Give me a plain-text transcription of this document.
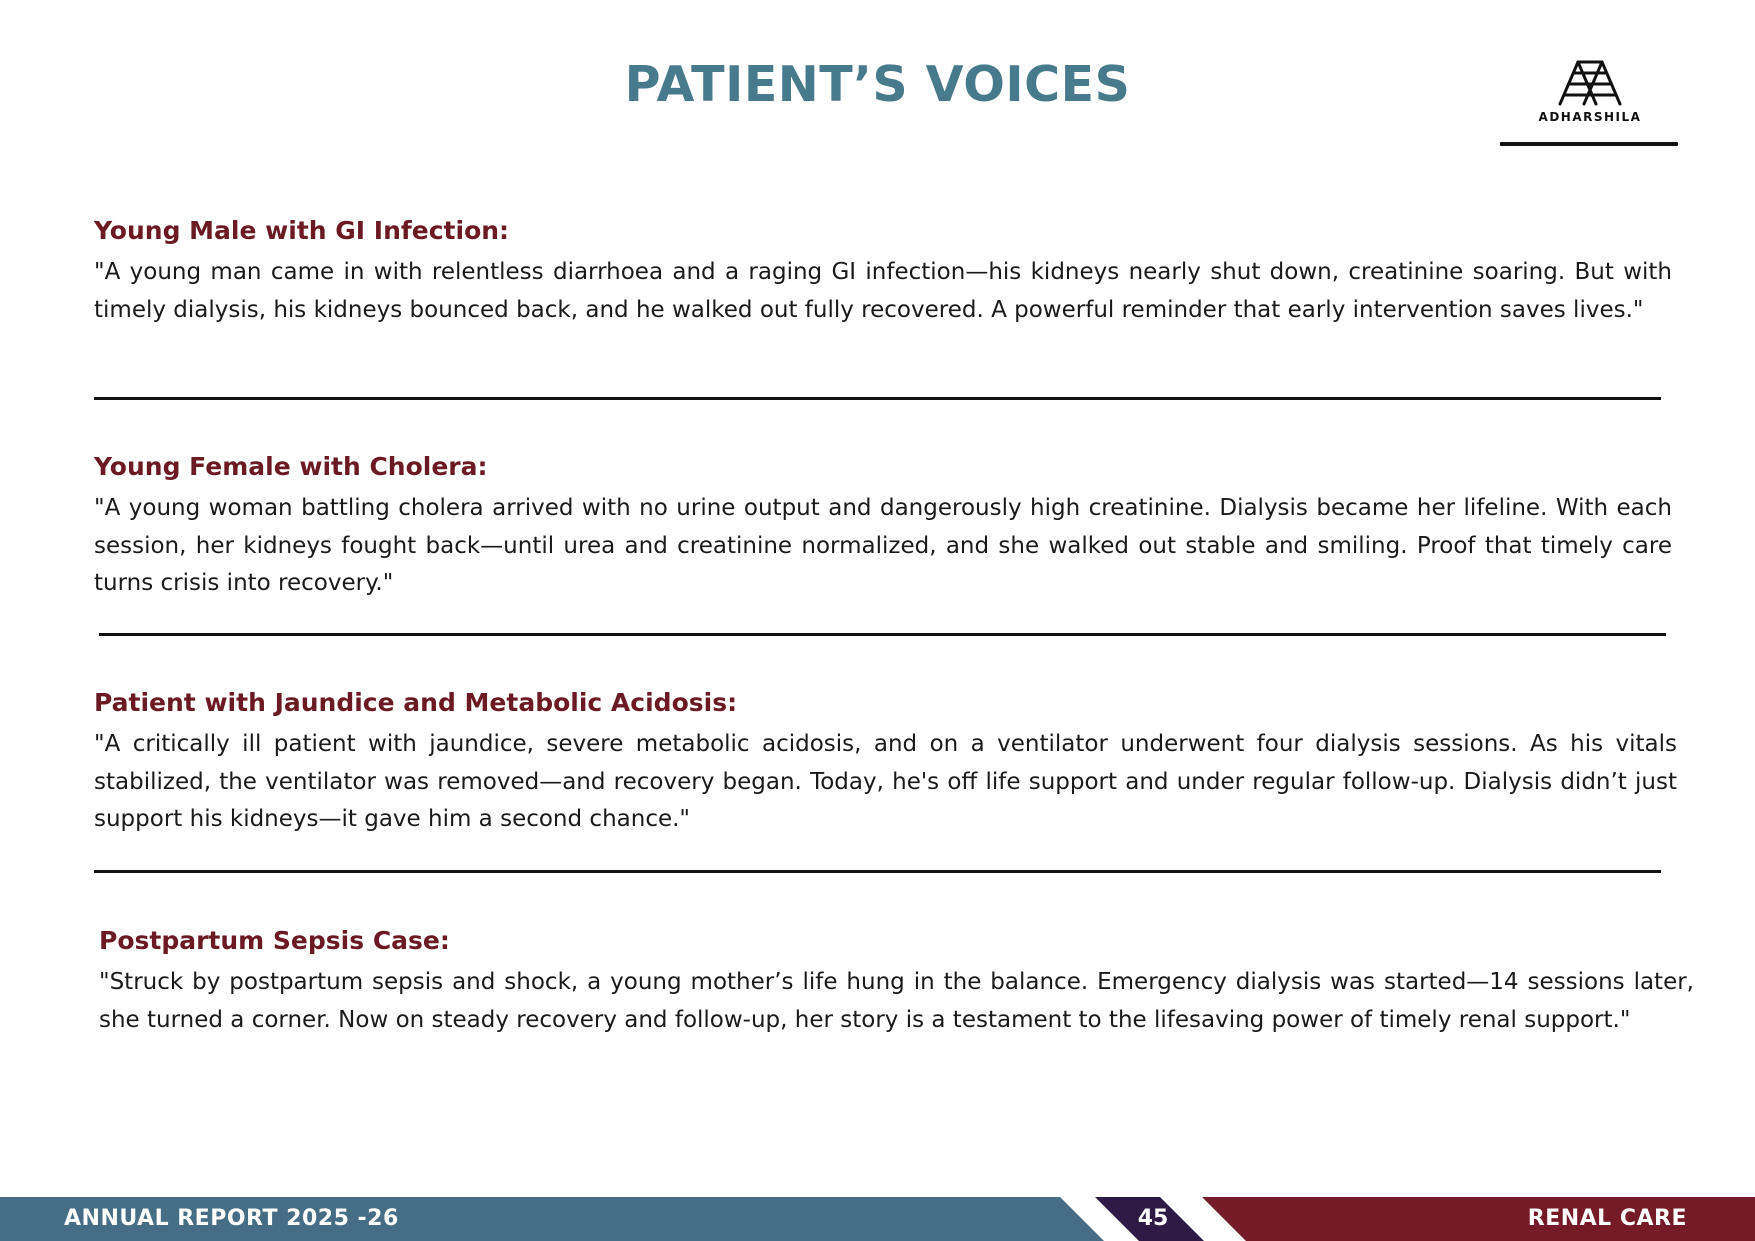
PATIENT’S VOICES
ADHARSHILA
Young Male with GI Infection:

"A young man came in with relentless diarrhoea and a raging GI infection—his kidneys nearly shut down, creatinine soaring. But with timely dialysis, his kidneys bounced back, and he walked out fully recovered. A powerful reminder that early intervention saves lives."

Young Female with Cholera:

"A young woman battling cholera arrived with no urine output and dangerously high creatinine. Dialysis became her lifeline. With each session, her kidneys fought back—until urea and creatinine normalized, and she walked out stable and smiling. Proof that timely care turns crisis into recovery."

Patient with Jaundice and Metabolic Acidosis:

"A critically ill patient with jaundice, severe metabolic acidosis, and on a ventilator underwent four dialysis sessions. As his vitals stabilized, the ventilator was removed—and recovery began. Today, he's off life support and under regular follow-up. Dialysis didn’t just support his kidneys—it gave him a second chance."

Postpartum Sepsis Case:

"Struck by postpartum sepsis and shock, a young mother’s life hung in the balance. Emergency dialysis was started—14 sessions later, she turned a corner. Now on steady recovery and follow-up, her story is a testament to the lifesaving power of timely renal support."

ANNUAL REPORT 2025 -26	45	RENAL CARE
